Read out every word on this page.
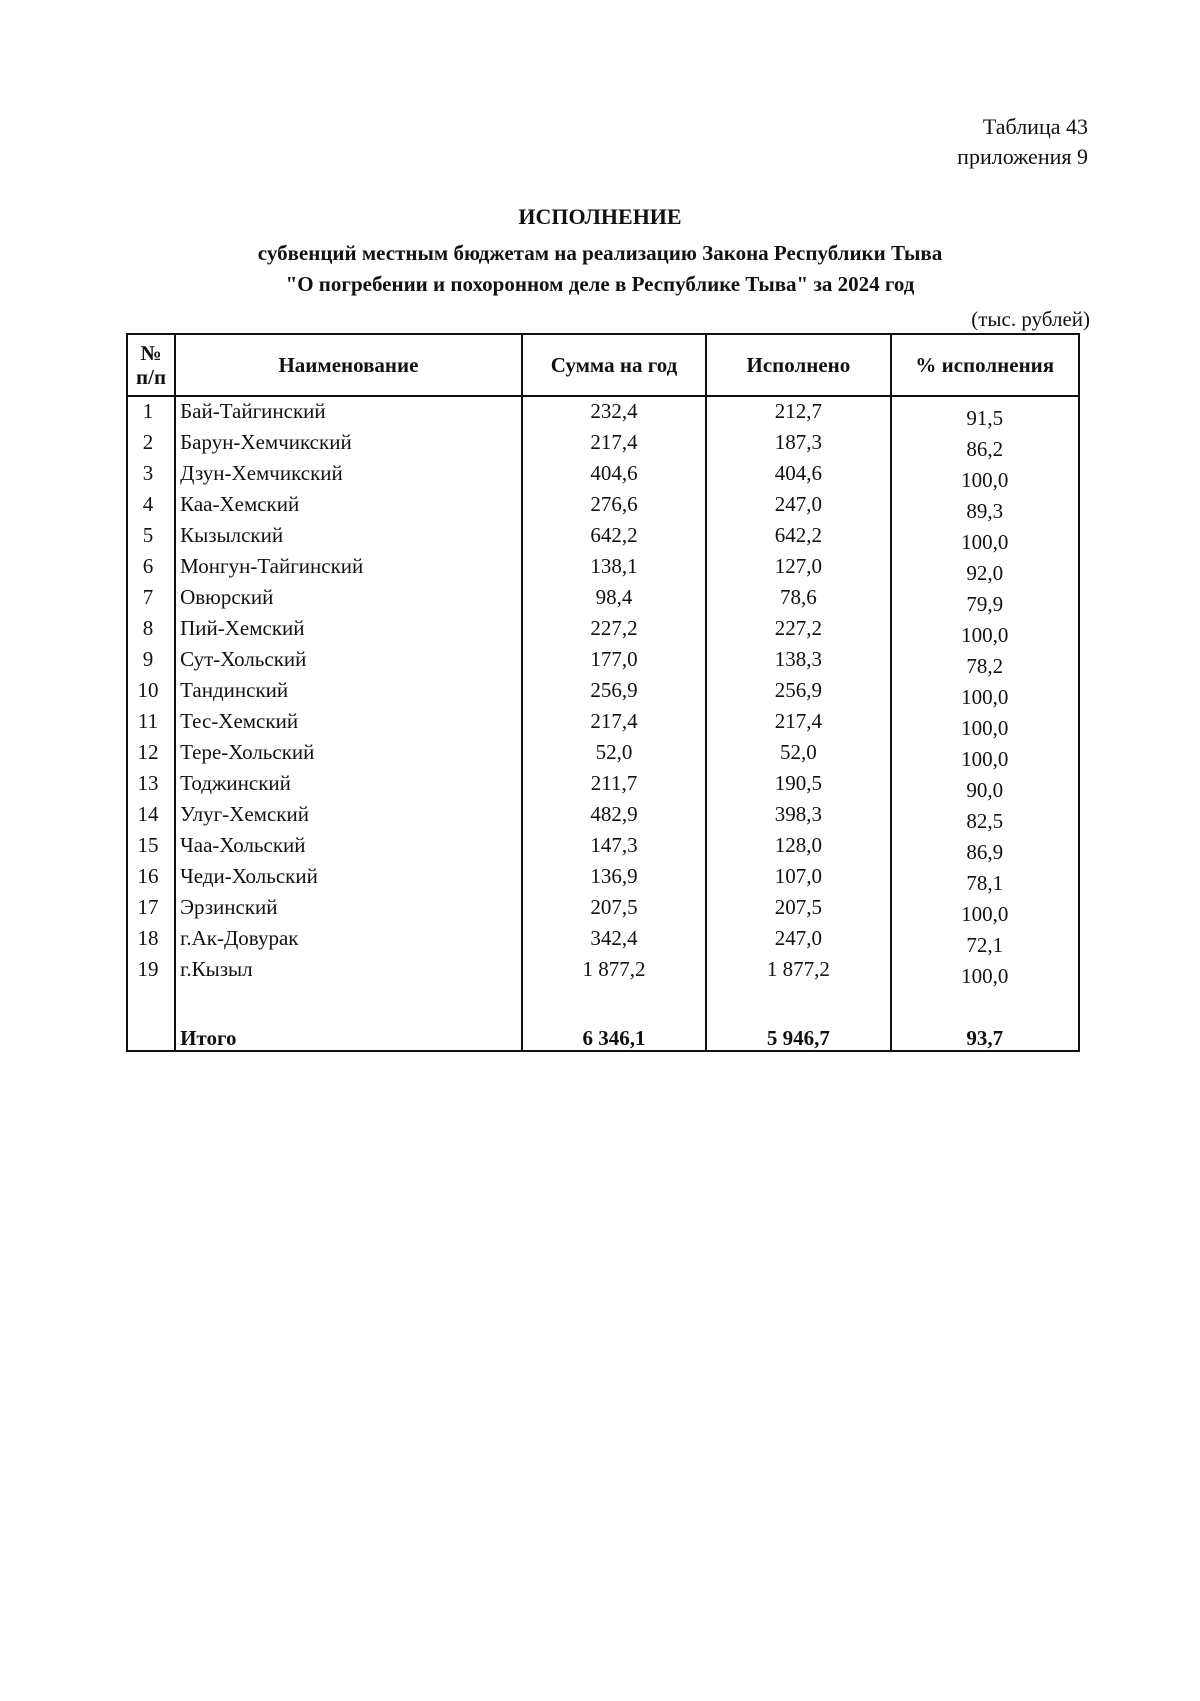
Таблица 43
приложения 9
ИСПОЛНЕНИЕ
субвенций местным бюджетам на реализацию Закона Республики Тыва
"О погребении и похоронном деле в Республике Тыва" за 2024 год
(тыс. рублей)
№
п/п	Наименование	Сумма на год	Исполнено	% исполнения
1	Бай-Тайгинский	232,4	212,7	91,5
2	Барун-Хемчикский	217,4	187,3	86,2
3	Дзун-Хемчикский	404,6	404,6	100,0
4	Каа-Хемский	276,6	247,0	89,3
5	Кызылский	642,2	642,2	100,0
6	Монгун-Тайгинский	138,1	127,0	92,0
7	Овюрский	98,4	78,6	79,9
8	Пий-Хемский	227,2	227,2	100,0
9	Сут-Хольский	177,0	138,3	78,2
10	Тандинский	256,9	256,9	100,0
11	Тес-Хемский	217,4	217,4	100,0
12	Тере-Хольский	52,0	52,0	100,0
13	Тоджинский	211,7	190,5	90,0
14	Улуг-Хемский	482,9	398,3	82,5
15	Чаа-Хольский	147,3	128,0	86,9
16	Чеди-Хольский	136,9	107,0	78,1
17	Эрзинский	207,5	207,5	100,0
18	г.Ак-Довурак	342,4	247,0	72,1
19	г.Кызыл	1 877,2	1 877,2	100,0

	Итого	6 346,1	5 946,7	93,7
